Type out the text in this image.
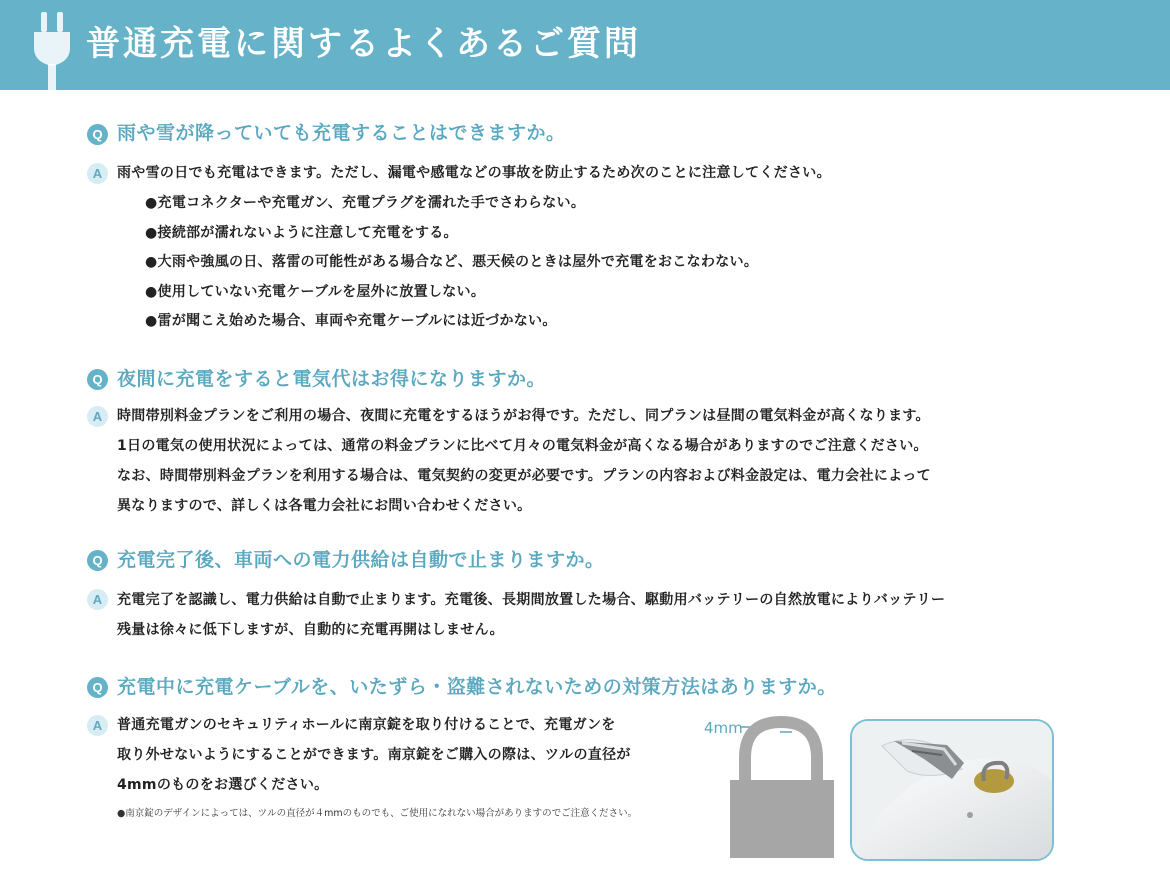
普通充電に関するよくあるご質問
Q 雨や雪が降っていても充電することはできますか。
A	雨や雪の日でも充電はできます。ただし、漏電や感電などの事故を防止するため次のことに注意してください。
●充電コネクターや充電ガン、充電プラグを濡れた手でさわらない。
●接続部が濡れないように注意して充電をする。
●大雨や強風の日、落雷の可能性がある場合など、悪天候のときは屋外で充電をおこなわない。
●使用していない充電ケーブルを屋外に放置しない。
●雷が聞こえ始めた場合、車両や充電ケーブルには近づかない。
Q 夜間に充電をすると電気代はお得になりますか。
A	時間帯別料金プランをご利用の場合、夜間に充電をするほうがお得です。ただし、同プランは昼間の電気料金が高くなります。
1日の電気の使用状況によっては、通常の料金プランに比べて月々の電気料金が高くなる場合がありますのでご注意ください。
なお、時間帯別料金プランを利用する場合は、電気契約の変更が必要です。プランの内容および料金設定は、電力会社によって
異なりますので、詳しくは各電力会社にお問い合わせください。
Q 充電完了後、車両への電力供給は自動で止まりますか。
A	充電完了を認識し、電力供給は自動で止まります。充電後、長期間放置した場合、駆動用バッテリーの自然放電によりバッテリー
残量は徐々に低下しますが、自動的に充電再開はしません。
Q 充電中に充電ケーブルを、いたずら・盗難されないための対策方法はありますか。
A	普通充電ガンのセキュリティホールに南京錠を取り付けることで、充電ガンを
取り外せないようにすることができます。南京錠をご購入の際は、ツルの直径が
4mmのものをお選びください。
●南京錠のデザインによっては、ツルの直径が４mmのものでも、ご使用になれない場合がありますのでご注意ください。
4mm
